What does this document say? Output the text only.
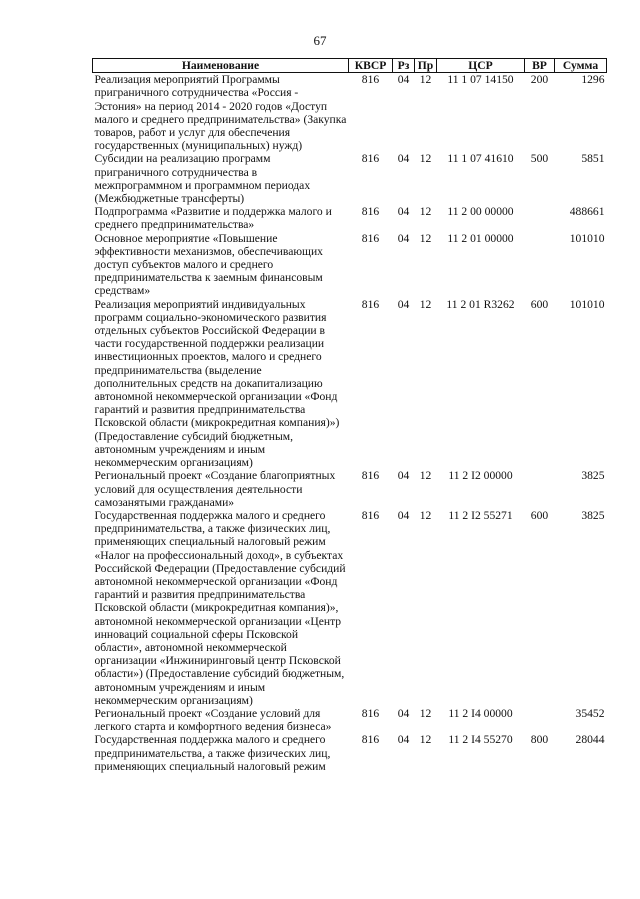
67
Наименование	КВСР	Рз	Пр	ЦСР	ВР	Сумма
Реализация мероприятий Программы приграничного сотрудничества «Россия - Эстония» на период 2014 - 2020 годов «Доступ малого и среднего предпринимательства» (Закупка товаров, работ и услуг для обеспечения государственных (муниципальных) нужд)	816	04	12	11 1 07 14150	200	1296
Субсидии на реализацию программ приграничного сотрудничества в межпрограммном и программном периодах (Межбюджетные трансферты)	816	04	12	11 1 07 41610	500	5851
Подпрограмма «Развитие и поддержка малого и среднего предпринимательства»	816	04	12	11 2 00 00000		488661
Основное мероприятие «Повышение эффективности механизмов, обеспечивающих доступ субъектов малого и среднего предпринимательства к заемным финансовым средствам»	816	04	12	11 2 01 00000		101010
Реализация мероприятий индивидуальных программ социально-экономического развития отдельных субъектов Российской Федерации в части государственной поддержки реализации инвестиционных проектов, малого и среднего предпринимательства (выделение дополнительных средств на докапитализацию автономной некоммерческой организации «Фонд гарантий и развития предпринимательства Псковской области (микрокредитная компания)») (Предоставление субсидий бюджетным, автономным учреждениям и иным некоммерческим организациям)	816	04	12	11 2 01 R3262	600	101010
Региональный проект «Создание благоприятных условий для осуществления деятельности самозанятыми гражданами»	816	04	12	11 2 I2 00000		3825
Государственная поддержка малого и среднего предпринимательства, а также физических лиц, применяющих специальный налоговый режим «Налог на профессиональный доход», в субъектах Российской Федерации (Предоставление субсидий автономной некоммерческой организации «Фонд гарантий и развития предпринимательства Псковской области (микрокредитная компания)», автономной некоммерческой организации «Центр инноваций социальной сферы Псковской области», автономной некоммерческой организации «Инжиниринговый центр Псковской области») (Предоставление субсидий бюджетным, автономным учреждениям и иным некоммерческим организациям)	816	04	12	11 2 I2 55271	600	3825
Региональный проект «Создание условий для легкого старта и комфортного ведения бизнеса»	816	04	12	11 2 I4 00000		35452
Государственная поддержка малого и среднего предпринимательства, а также физических лиц, применяющих специальный налоговый режим	816	04	12	11 2 I4 55270	800	28044
